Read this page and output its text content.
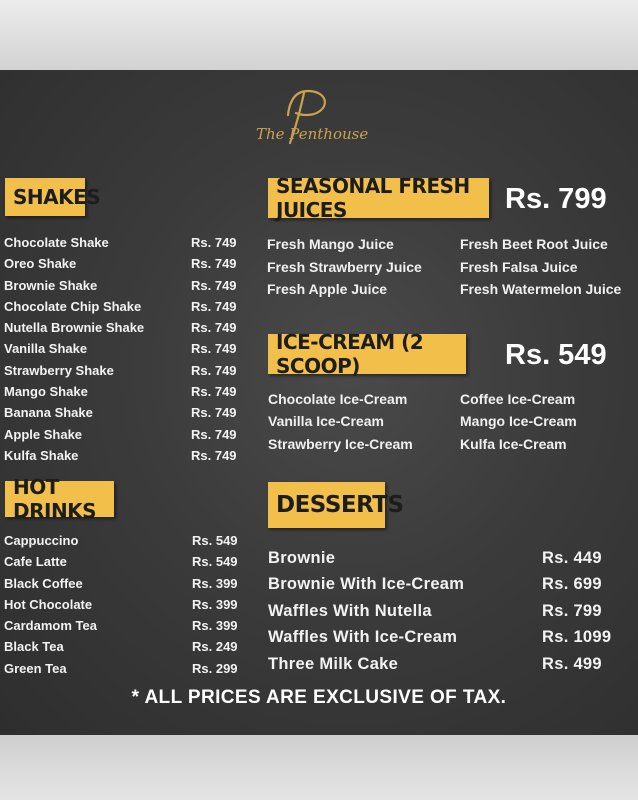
The Penthouse
SHAKES
Chocolate Shake	Rs. 749
Oreo Shake	Rs. 749
Brownie Shake	Rs. 749
Chocolate Chip Shake	Rs. 749
Nutella Brownie Shake	Rs. 749
Vanilla Shake	Rs. 749
Strawberry Shake	Rs. 749
Mango Shake	Rs. 749
Banana Shake	Rs. 749
Apple Shake	Rs. 749
Kulfa Shake	Rs. 749
HOT DRINKS
Cappuccino	Rs. 549
Cafe Latte	Rs. 549
Black Coffee	Rs. 399
Hot Chocolate	Rs. 399
Cardamom Tea	Rs. 399
Black Tea	Rs. 249
Green Tea	Rs. 299
SEASONAL FRESH JUICES	Rs. 799
Fresh Mango Juice
Fresh Strawberry Juice
Fresh Apple Juice
Fresh Beet Root Juice
Fresh Falsa Juice
Fresh Watermelon Juice
ICE-CREAM (2 SCOOP)	Rs. 549
Chocolate Ice-Cream
Vanilla Ice-Cream
Strawberry Ice-Cream
Coffee Ice-Cream
Mango Ice-Cream
Kulfa Ice-Cream
DESSERTS
Brownie	Rs. 449
Brownie With Ice-Cream	Rs. 699
Waffles With Nutella	Rs. 799
Waffles With Ice-Cream	Rs. 1099
Three Milk Cake	Rs. 499
* ALL PRICES ARE EXCLUSIVE OF TAX.
